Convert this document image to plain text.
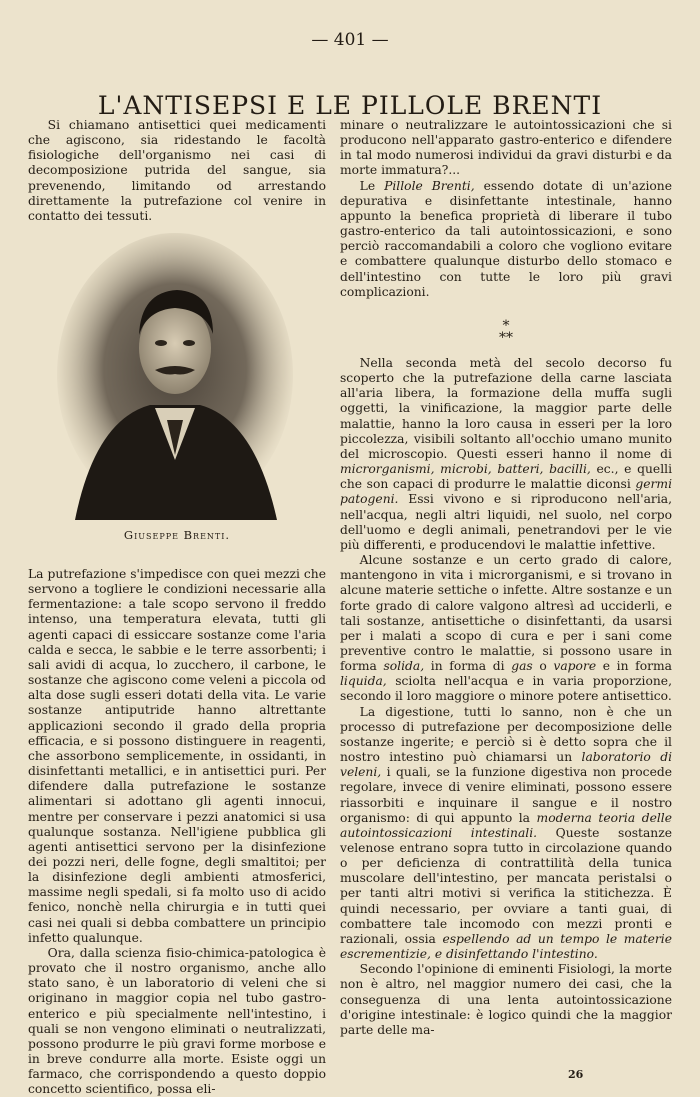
— 401 —
L'ANTISEPSI E LE PILLOLE BRENTI

Si chiamano antisettici quei medicamenti che agiscono, sia ridestando le facoltà fisiologiche dell'organismo nei casi di decomposizione putrida del sangue, sia prevenendo, limitando od arrestando direttamente la putrefazione col venire in contatto dei tessuti.

Giuseppe Brenti.

La putrefazione s'impedisce con quei mezzi che servono a togliere le condizioni necessarie alla fermentazione: a tale scopo servono il freddo intenso, una temperatura elevata, tutti gli agenti capaci di essiccare sostanze come l'aria calda e secca, le sabbie e le terre assorbenti; i sali avidi di acqua, lo zucchero, il carbone, le sostanze che agiscono come veleni a piccola od alta dose sugli esseri dotati della vita. Le varie sostanze antiputride hanno altrettante applicazioni secondo il grado della propria efficacia, e si possono distinguere in reagenti, che assorbono semplicemente, in ossidanti, in disinfettanti metallici, e in antisettici puri. Per difendere dalla putrefazione le sostanze alimentari si adottano gli agenti innocui, mentre per conservare i pezzi anatomici si usa qualunque sostanza. Nell'igiene pubblica gli agenti antisettici servono per la disinfezione dei pozzi neri, delle fogne, degli smaltitoi; per la disinfezione degli ambienti atmosferici, massime negli spedali, si fa molto uso di acido fenico, nonchè nella chirurgia e in tutti quei casi nei quali si debba combattere un principio infetto qualunque.

Ora, dalla scienza fisio-chimica-patologica è provato che il nostro organismo, anche allo stato sano, è un laboratorio di veleni che si originano in maggior copia nel tubo gastro-enterico e più specialmente nell'intestino, i quali se non vengono eliminati o neutralizzati, possono produrre le più gravi forme morbose e in breve condurre alla morte. Esiste oggi un farmaco, che corrispondendo a questo doppio concetto scientifico, possa eli-

minare o neutralizzare le autointossicazioni che si producono nell'apparato gastro-enterico e difendere in tal modo numerosi individui da gravi disturbi e da morte immatura?...

Le Pillole Brenti, essendo dotate di un'azione depurativa e disinfettante intestinale, hanno appunto la benefica proprietà di liberare il tubo gastro-enterico da tali autointossicazioni, e sono perciò raccomandabili a coloro che vogliono evitare e combattere qualunque disturbo dello stomaco e dell'intestino con tutte le loro più gravi complicazioni.

*
**

Nella seconda metà del secolo decorso fu scoperto che la putrefazione della carne lasciata all'aria libera, la formazione della muffa sugli oggetti, la vinificazione, la maggior parte delle malattie, hanno la loro causa in esseri per la loro piccolezza, visibili soltanto all'occhio umano munito del microscopio. Questi esseri hanno il nome di microrganismi, microbi, batteri, bacilli, ec., e quelli che son capaci di produrre le malattie diconsi germi patogeni. Essi vivono e si riproducono nell'aria, nell'acqua, negli altri liquidi, nel suolo, nel corpo dell'uomo e degli animali, penetrandovi per le vie più differenti, e producendovi le malattie infettive.

Alcune sostanze e un certo grado di calore, mantengono in vita i microrganismi, e si trovano in alcune materie settiche o infette. Altre sostanze e un forte grado di calore valgono altresì ad ucciderli, e tali sostanze, antisettiche o disinfettanti, da usarsi per i malati a scopo di cura e per i sani come preventive contro le malattie, si possono usare in forma solida, in forma di gas o vapore e in forma liquida, sciolta nell'acqua e in varia proporzione, secondo il loro maggiore o minore potere antisettico.

La digestione, tutti lo sanno, non è che un processo di putrefazione per decomposizione delle sostanze ingerite; e perciò si è detto sopra che il nostro intestino può chiamarsi un laboratorio di veleni, i quali, se la funzione digestiva non procede regolare, invece di venire eliminati, possono essere riassorbiti e inquinare il sangue e il nostro organismo: di qui appunto la moderna teoria delle autointossicazioni intestinali. Queste sostanze velenose entrano sopra tutto in circolazione quando o per deficienza di contrattilità della tunica muscolare dell'intestino, per mancata peristalsi o per tanti altri motivi si verifica la stitichezza. È quindi necessario, per ovviare a tanti guai, di combattere tale incomodo con mezzi pronti e razionali, ossia espellendo ad un tempo le materie escrementizie, e disinfettando l'intestino.

Secondo l'opinione di eminenti Fisiologi, la morte non è altro, nel maggior numero dei casi, che la conseguenza di una lenta autointossicazione d'origine intestinale: è logico quindi che la maggior parte delle ma-

26
